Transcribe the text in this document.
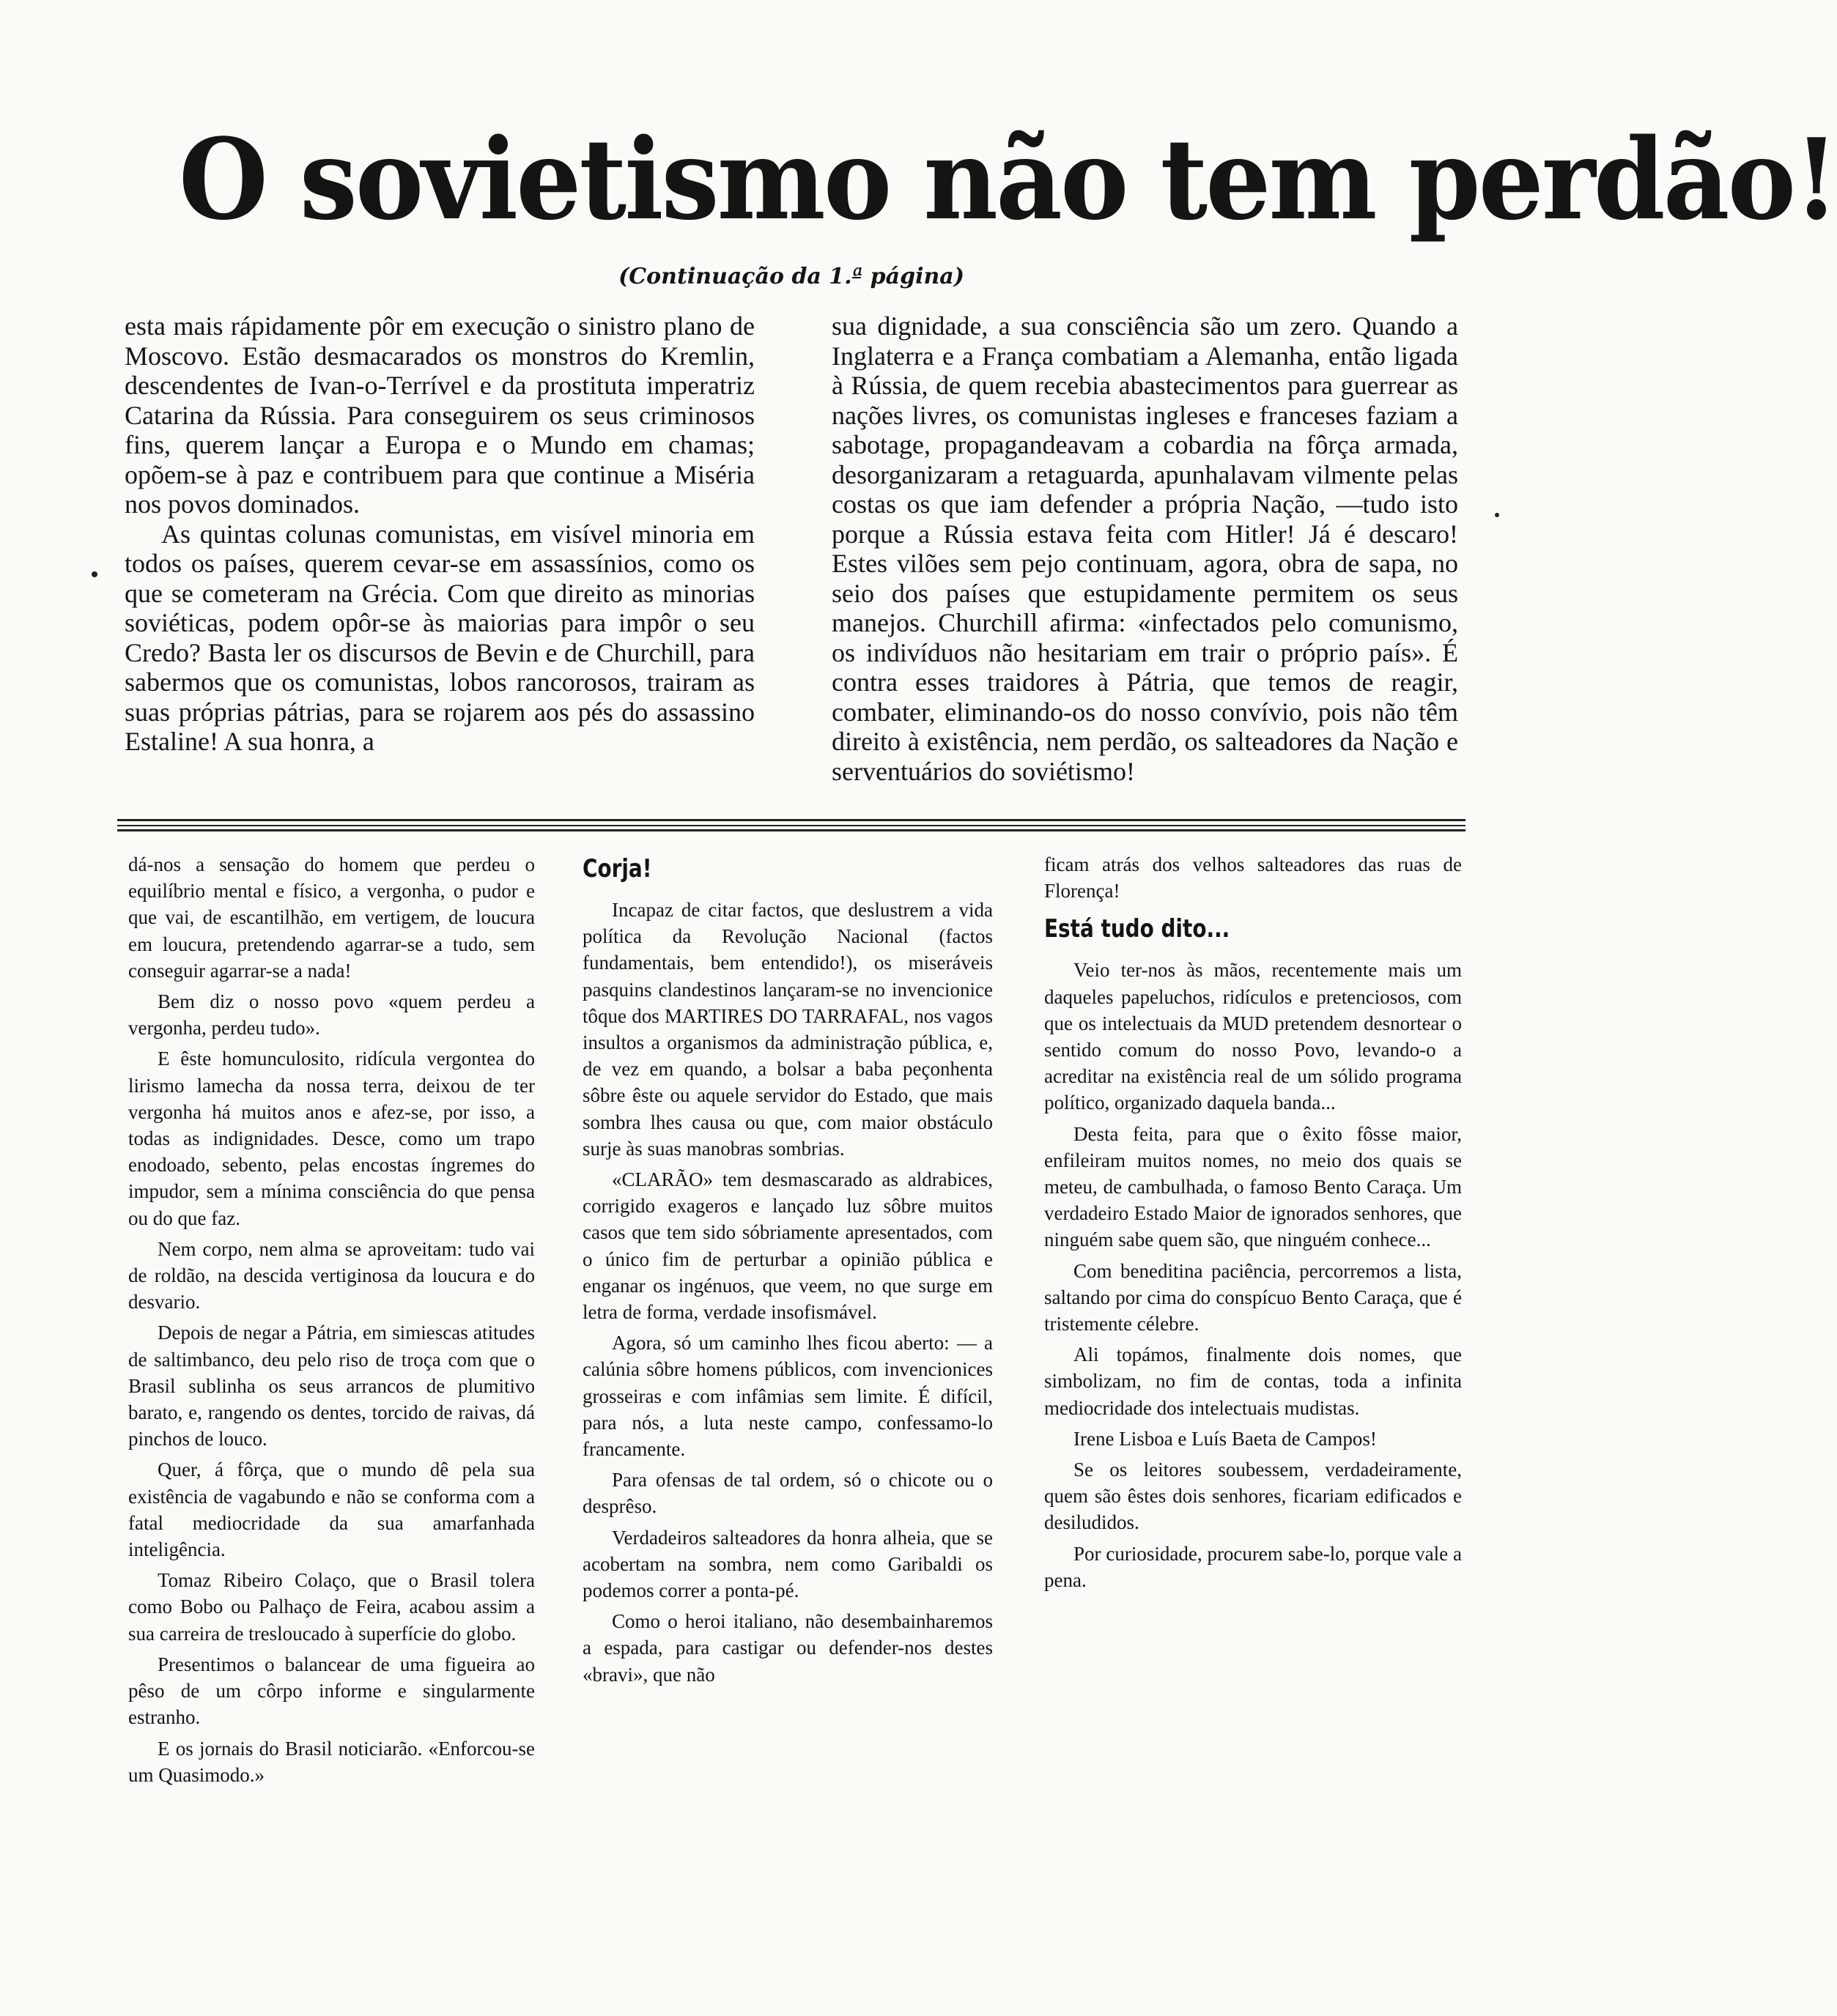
O sovietismo não tem perdão!
(Continuação da 1.ª página)

esta mais rápidamente pôr em execução o sinistro plano de Moscovo. Estão desmacarados os monstros do Kremlin, descendentes de Ivan-o-Terrível e da prostituta imperatriz Catarina da Rússia. Para conseguirem os seus criminosos fins, querem lançar a Europa e o Mundo em chamas; opõem-se à paz e contribuem para que continue a Miséria nos povos dominados.

As quintas colunas comunistas, em visível minoria em todos os países, querem cevar-se em assassínios, como os que se cometeram na Grécia. Com que direito as minorias soviéticas, podem opôr-se às maiorias para impôr o seu Credo? Basta ler os discursos de Bevin e de Churchill, para sabermos que os comunistas, lobos rancorosos, trairam as suas próprias pátrias, para se rojarem aos pés do assassino Estaline! A sua honra, a

sua dignidade, a sua consciência são um zero. Quando a Inglaterra e a França combatiam a Alemanha, então ligada à Rússia, de quem recebia abastecimentos para guerrear as nações livres, os comunistas ingleses e franceses faziam a sabotage, propagandeavam a cobardia na fôrça armada, desorganizaram a retaguarda, apunhalavam vilmente pelas costas os que iam defender a própria Nação, —tudo isto porque a Rússia estava feita com Hitler! Já é descaro! Estes vilões sem pejo continuam, agora, obra de sapa, no seio dos países que estupidamente permitem os seus manejos. Churchill afirma: «infectados pelo comunismo, os indivíduos não hesitariam em trair o próprio país». É contra esses traidores à Pátria, que temos de reagir, combater, eliminando-os do nosso convívio, pois não têm direito à existência, nem perdão, os salteadores da Nação e serventuários do soviétismo!

dá-nos a sensação do homem que perdeu o equilíbrio mental e físico, a vergonha, o pudor e que vai, de escantilhão, em vertigem, de loucura em loucura, pretendendo agarrar-se a tudo, sem conseguir agarrar-se a nada!

Bem diz o nosso povo «quem perdeu a vergonha, perdeu tudo».

E êste homunculosito, ridícula vergontea do lirismo lamecha da nossa terra, deixou de ter vergonha há muitos anos e afez-se, por isso, a todas as indignidades. Desce, como um trapo enodoado, sebento, pelas encostas íngremes do impudor, sem a mínima consciência do que pensa ou do que faz.

Nem corpo, nem alma se aproveitam: tudo vai de roldão, na descida vertiginosa da loucura e do desvario.

Depois de negar a Pátria, em simiescas atitudes de saltimbanco, deu pelo riso de troça com que o Brasil sublinha os seus arrancos de plumitivo barato, e, rangendo os dentes, torcido de raivas, dá pinchos de louco.

Quer, á fôrça, que o mundo dê pela sua existência de vagabundo e não se conforma com a fatal mediocridade da sua amarfanhada inteligência.

Tomaz Ribeiro Colaço, que o Brasil tolera como Bobo ou Palhaço de Feira, acabou assim a sua carreira de tresloucado à superfície do globo.

Presentimos o balancear de uma figueira ao pêso de um côrpo informe e singularmente estranho.

E os jornais do Brasil noticiarão. «Enforcou-se um Quasimodo.»

Corja!

Incapaz de citar factos, que deslustrem a vida política da Revolução Nacional (factos fundamentais, bem entendido!), os miseráveis pasquins clandestinos lançaram-se no invencionice tôque dos MARTIRES DO TARRAFAL, nos vagos insultos a organismos da administração pública, e, de vez em quando, a bolsar a baba peçonhenta sôbre êste ou aquele servidor do Estado, que mais sombra lhes causa ou que, com maior obstáculo surje às suas manobras sombrias.

«CLARÃO» tem desmascarado as aldrabices, corrigido exageros e lançado luz sôbre muitos casos que tem sido sóbriamente apresentados, com o único fim de perturbar a opinião pública e enganar os ingénuos, que veem, no que surge em letra de forma, verdade insofismável.

Agora, só um caminho lhes ficou aberto: — a calúnia sôbre homens públicos, com invencionices grosseiras e com infâmias sem limite. É difícil, para nós, a luta neste campo, confessamo-lo francamente.

Para ofensas de tal ordem, só o chicote ou o desprêso.

Verdadeiros salteadores da honra alheia, que se acobertam na sombra, nem como Garibaldi os podemos correr a ponta-pé.

Como o heroi italiano, não desembainharemos a espada, para castigar ou defender-nos destes «bravi», que não

ficam atrás dos velhos salteadores das ruas de Florença!

Está tudo dito...

Veio ter-nos às mãos, recentemente mais um daqueles papeluchos, ridículos e pretenciosos, com que os intelectuais da MUD pretendem desnortear o sentido comum do nosso Povo, levando-o a acreditar na existência real de um sólido programa político, organizado daquela banda...

Desta feita, para que o êxito fôsse maior, enfileiram muitos nomes, no meio dos quais se meteu, de cambulhada, o famoso Bento Caraça. Um verdadeiro Estado Maior de ignorados senhores, que ninguém sabe quem são, que ninguém conhece...

Com beneditina paciência, percorremos a lista, saltando por cima do conspícuo Bento Caraça, que é tristemente célebre.

Ali topámos, finalmente dois nomes, que simbolizam, no fim de contas, toda a infinita mediocridade dos intelectuais mudistas.

Irene Lisboa e Luís Baeta de Campos!

Se os leitores soubessem, verdadeiramente, quem são êstes dois senhores, ficariam edificados e desiludidos.

Por curiosidade, procurem sabe-lo, porque vale a pena.
